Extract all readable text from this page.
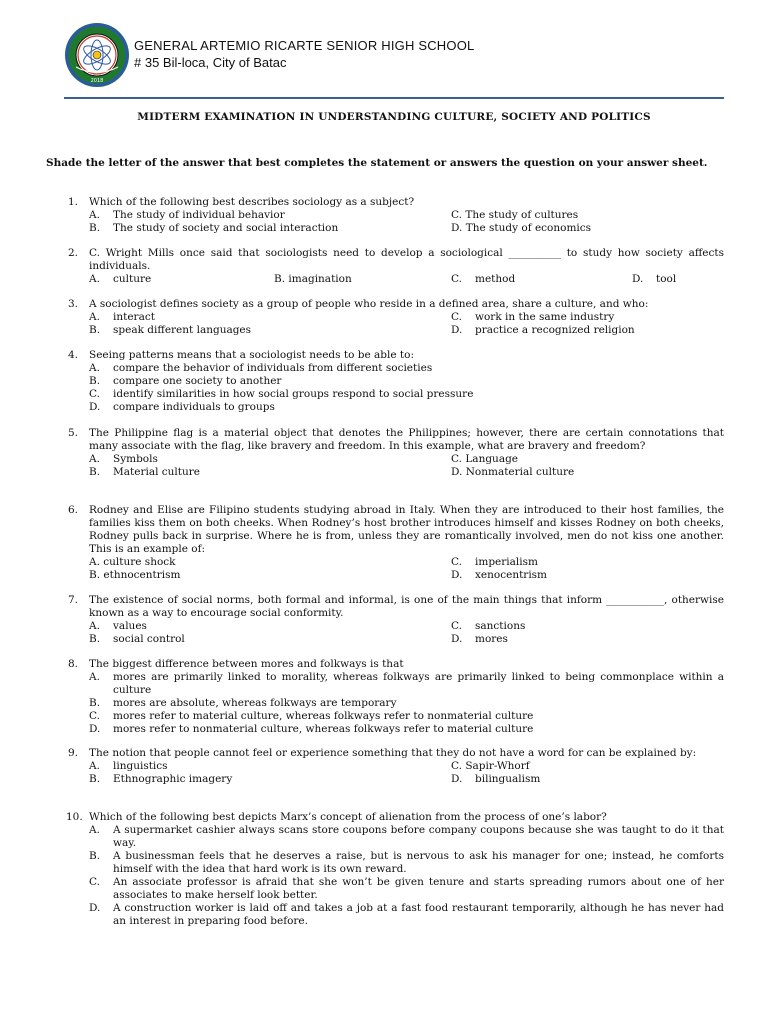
2018
GENERAL ARTEMIO RICARTE SENIOR HIGH SCHOOL
# 35 Bil-loca, City of Batac
MIDTERM EXAMINATION IN UNDERSTANDING CULTURE, SOCIETY AND POLITICS
Shade the letter of the answer that best completes the statement or answers the question on your answer sheet.
1. Which of the following best describes sociology as a subject?
A. The study of individual behavior	C. The study of cultures
B. The study of society and social interaction	D. The study of economics
2. C. Wright Mills once said that sociologists need to develop a sociological __________ to study how society affects individuals.
A. culture	B. imagination	C. method	D. tool
3. A sociologist defines society as a group of people who reside in a defined area, share a culture, and who:
A. interact	C. work in the same industry
B. speak different languages	D. practice a recognized religion
4. Seeing patterns means that a sociologist needs to be able to:
A. compare the behavior of individuals from different societies
B. compare one society to another
C. identify similarities in how social groups respond to social pressure
D. compare individuals to groups
5. The Philippine flag is a material object that denotes the Philippines; however, there are certain connotations that many associate with the flag, like bravery and freedom. In this example, what are bravery and freedom?
A. Symbols	C. Language
B. Material culture	D. Nonmaterial culture
6. Rodney and Elise are Filipino students studying abroad in Italy. When they are introduced to their host families, the families kiss them on both cheeks. When Rodney’s host brother introduces himself and kisses Rodney on both cheeks, Rodney pulls back in surprise. Where he is from, unless they are romantically involved, men do not kiss one another. This is an example of:
A. culture shock	C. imperialism
B. ethnocentrism	D. xenocentrism
7. The existence of social norms, both formal and informal, is one of the main things that inform ___________, otherwise known as a way to encourage social conformity.
A. values	C. sanctions
B. social control	D. mores
8. The biggest difference between mores and folkways is that
A. mores are primarily linked to morality, whereas folkways are primarily linked to being commonplace within a culture
B. mores are absolute, whereas folkways are temporary
C. mores refer to material culture, whereas folkways refer to nonmaterial culture
D. mores refer to nonmaterial culture, whereas folkways refer to material culture
9. The notion that people cannot feel or experience something that they do not have a word for can be explained by:
A. linguistics	C. Sapir-Whorf
B. Ethnographic imagery	D. bilingualism
10. Which of the following best depicts Marx’s concept of alienation from the process of one’s labor?
A. A supermarket cashier always scans store coupons before company coupons because she was taught to do it that way.
B. A businessman feels that he deserves a raise, but is nervous to ask his manager for one; instead, he comforts himself with the idea that hard work is its own reward.
C. An associate professor is afraid that she won’t be given tenure and starts spreading rumors about one of her associates to make herself look better.
D. A construction worker is laid off and takes a job at a fast food restaurant temporarily, although he has never had an interest in preparing food before.
